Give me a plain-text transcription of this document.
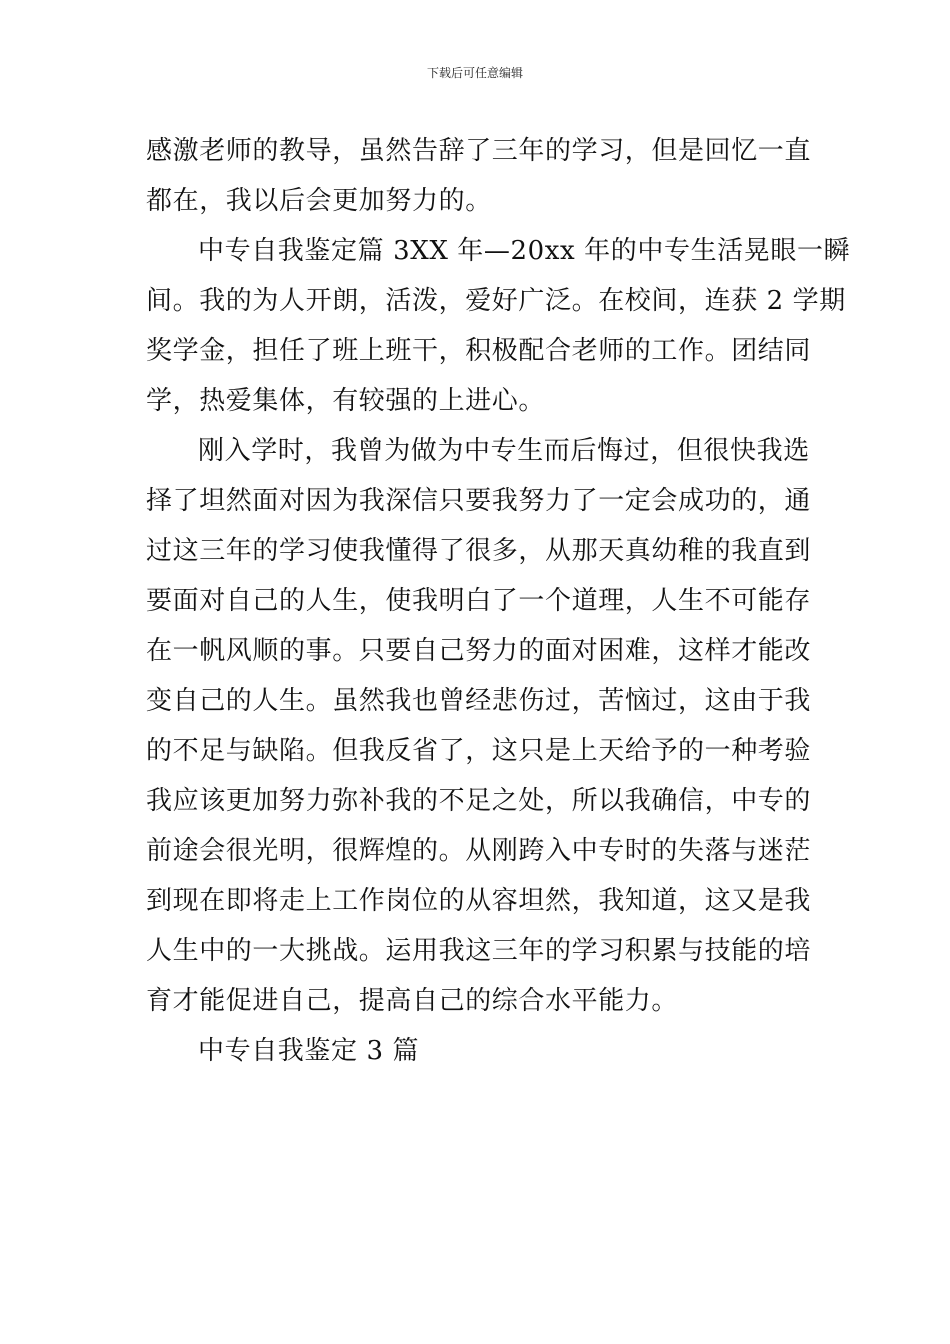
下载后可任意编辑
感激老师的教导，虽然告辞了三年的学习，但是回忆一直
都在，我以后会更加努力的。
中专自我鉴定篇 3XX 年—20xx 年的中专生活晃眼一瞬
间。我的为人开朗，活泼，爱好广泛。在校间，连获 2 学期
奖学金，担任了班上班干，积极配合老师的工作。团结同
学，热爱集体，有较强的上进心。
刚入学时，我曾为做为中专生而后悔过，但很快我选
择了坦然面对因为我深信只要我努力了一定会成功的，通
过这三年的学习使我懂得了很多，从那天真幼稚的我直到
要面对自己的人生，使我明白了一个道理，人生不可能存
在一帆风顺的事。只要自己努力的面对困难，这样才能改
变自己的人生。虽然我也曾经悲伤过，苦恼过，这由于我
的不足与缺陷。但我反省了，这只是上天给予的一种考验
我应该更加努力弥补我的不足之处，所以我确信，中专的
前途会很光明，很辉煌的。从刚跨入中专时的失落与迷茫
到现在即将走上工作岗位的从容坦然，我知道，这又是我
人生中的一大挑战。运用我这三年的学习积累与技能的培
育才能促进自己，提高自己的综合水平能力。
中专自我鉴定 3 篇
